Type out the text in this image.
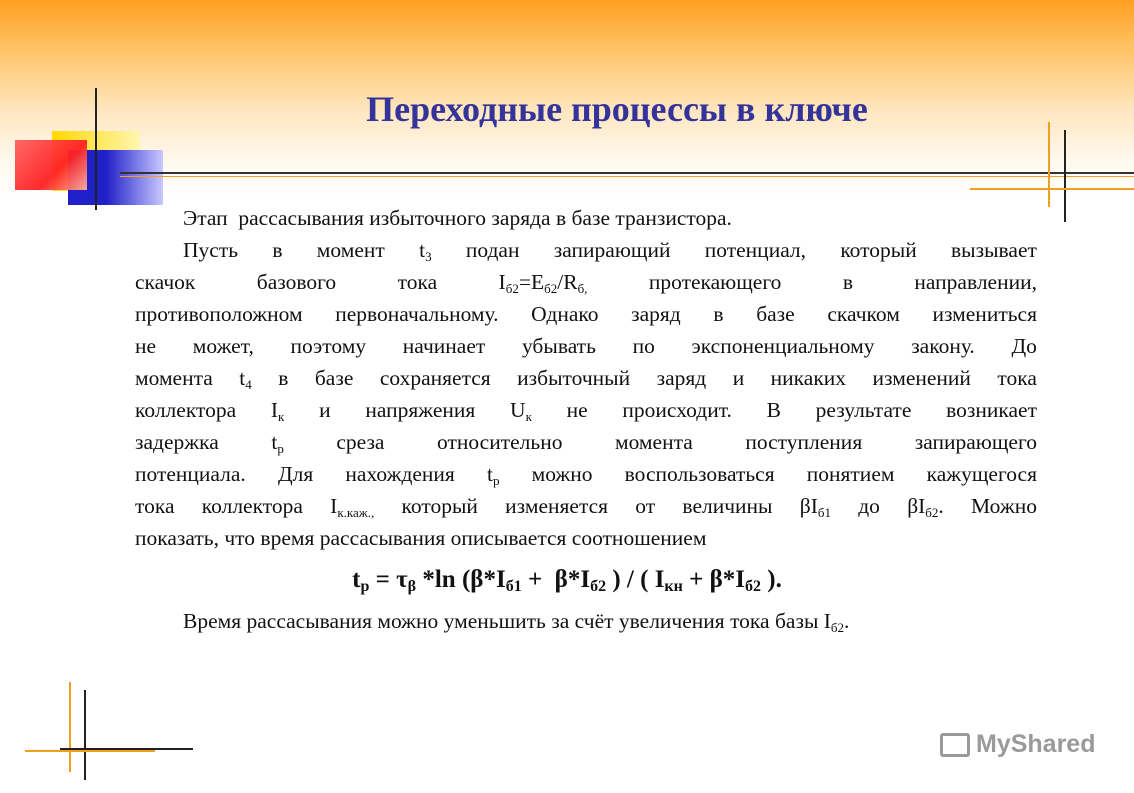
Переходные процессы в ключе
Этап
рассасывания
избыточного
заряда
в
базе
транзистора.
Пусть в момент $t_3$ подан запирающий потенциал, который вызывает
скачок	базового	тока	$I_{б2}=E_{б2}/R_{б,}$	протекающего	в	направлении,
противоположном первоначальному. Однако заряд в базе скачком измениться
не может, поэтому начинает убывать по экспоненциальному закону. До
момента $t_4$ в базе сохраняется избыточный заряд и никаких изменений тока
коллектора $I_к$ и напряжения $U_к$ не происходит. В результате возникает
задержка $t_р$ среза относительно момента поступления запирающего
потенциала. Для нахождения $t_р$ можно воспользоваться понятием кажущегося
тока коллектора $I_{к.каж.,}$ который изменяется от величины $\beta I_{б1}$ до $\beta I_{б2}$. Можно
показать,
что
время
рассасывания
описывается
соотношением
$t_р = \tau_\beta$ *ln ($\beta*I_{б1} + \beta*I_{б2}$ ) / ( $I_{кн} + \beta*I_{б2}$ ).
Время рассасывания можно уменьшить за счёт увеличения тока базы $I_{б2}$.
MyShared
